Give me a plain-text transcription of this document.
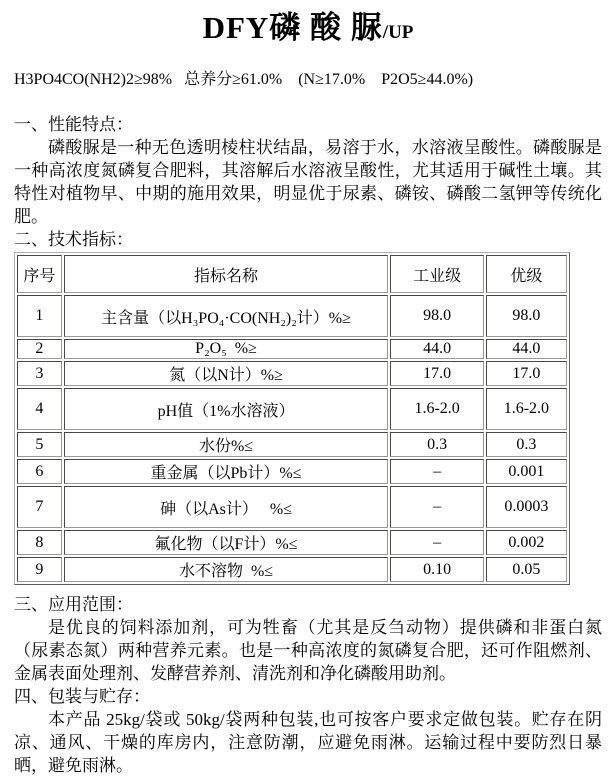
DFY磷 酸 脲/UP

H3PO4CO(NH2)2≥98%   总养分≥61.0%    (N≥17.0%    P2O5≥44.0%)

一、性能特点：

磷酸脲是一种无色透明棱柱状结晶，易溶于水，水溶液呈酸性。磷酸脲是一种高浓度氮磷复合肥料，其溶解后水溶液呈酸性，尤其适用于碱性土壤。其特性对植物早、中期的施用效果，明显优于尿素、磷铵、磷酸二氢钾等传统化肥。

二、技术指标：
序号	指标名称	工业级	优级
1	主含量（以H₃PO₄·CO(NH₂)₂计）%≥	98.0	98.0
2	P₂O₅  %≥	44.0	44.0
3	氮（以N计）%≥	17.0	17.0
4	pH值（1%水溶液）	1.6-2.0	1.6-2.0
5	水份%≤	0.3	0.3
6	重金属（以Pb计）%≤	–	0.001
7	砷（以As计）   %≤	–	0.0003
8	氟化物（以F计）%≤	–	0.002
9	水不溶物  %≤	0.10	0.05
三、应用范围：

是优良的饲料添加剂，可为牲畜（尤其是反刍动物）提供磷和非蛋白氮（尿素态氮）两种营养元素。也是一种高浓度的氮磷复合肥，还可作阻燃剂、金属表面处理剂、发酵营养剂、清洗剂和净化磷酸用助剂。

四、包装与贮存：

本产品 25kg/袋或 50kg/袋两种包装,也可按客户要求定做包装。贮存在阴凉、通风、干燥的库房内，注意防潮，应避免雨淋。运输过程中要防烈日暴晒，避免雨淋。
